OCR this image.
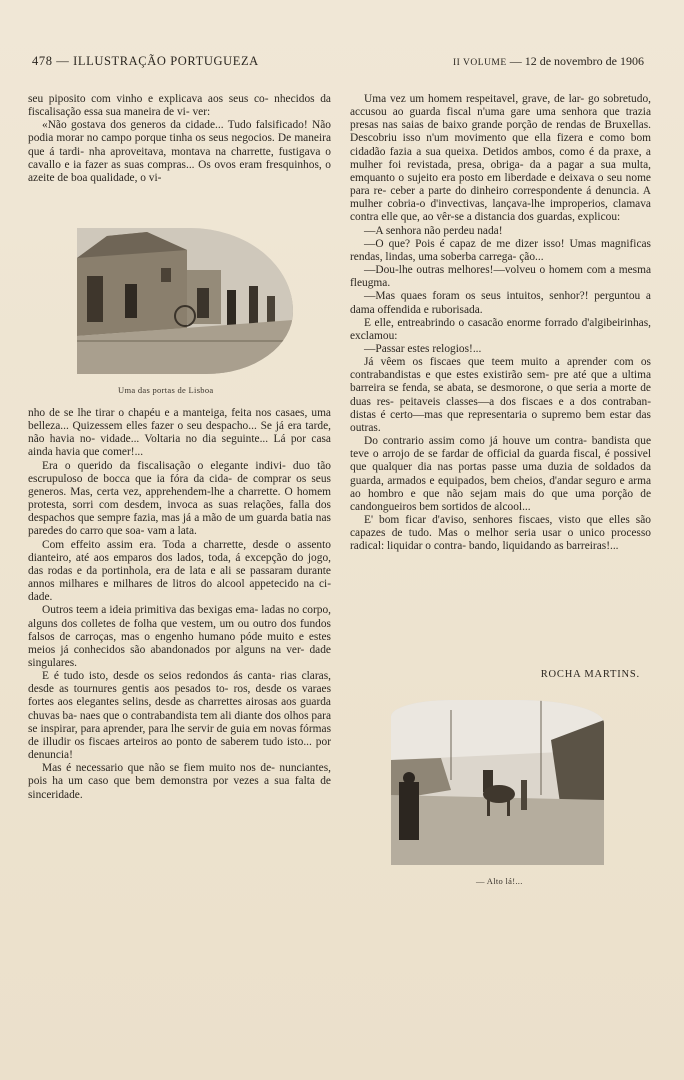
478 — ILLUSTRAÇÃO PORTUGUEZA	II VOLUME — 12 de novembro de 1906

seu piposito com vinho e explicava aos seus co- nhecidos da fiscalisação essa sua maneira de vi- ver:

«Não gostava dos generos da cidade... Tudo falsificado! Não podia morar no campo porque tinha os seus negocios. De maneira que á tardi- nha aproveitava, montava na charrette, fustigava o cavallo e ia fazer as suas compras... Os ovos eram fresquinhos, o azeite de boa qualidade, o vi-

Uma das portas de Lisboa

nho de se lhe tirar o chapéu e a manteiga, feita nos casaes, uma belleza... Quizessem elles fazer o seu despacho... Se já era tarde, não havia no- vidade... Voltaria no dia seguinte... Lá por casa ainda havia que comer!...

Era o querido da fiscalisação o elegante indivi- duo tão escrupuloso de bocca que ia fóra da cida- de comprar os seus generos. Mas, certa vez, apprehendem-lhe a charrette. O homem protesta, sorri com desdem, invoca as suas relações, falla dos despachos que sempre fazia, mas já a mão de um guarda batia nas paredes do carro que soa- vam a lata.

Com effeito assim era. Toda a charrette, desde o assento dianteiro, até aos emparos dos lados, toda, á excepção do jogo, das rodas e da portinhola, era de lata e ali se passaram durante annos milhares e milhares de litros do alcool appetecido na ci- dade.

Outros teem a ideia primitiva das bexigas ema- ladas no corpo, alguns dos colletes de folha que vestem, um ou outro dos fundos falsos de carroças, mas o engenho humano póde muito e estes meios já conhecidos são abandonados por alguns na ver- dade singulares.

E é tudo isto, desde os seios redondos ás canta- rias claras, desde as tournures gentis aos pesados to- ros, desde os varaes fortes aos elegantes selins, desde as charrettes airosas aos guarda chuvas ba- naes que o contrabandista tem ali diante dos olhos para se inspirar, para aprender, para lhe servir de guia em novas fórmas de illudir os fiscaes arteiros ao ponto de saberem tudo isto... por denuncia!

Mas é necessario que não se fiem muito nos de- nunciantes, pois ha um caso que bem demonstra por vezes a sua falta de sinceridade.

Uma vez um homem respeitavel, grave, de lar- go sobretudo, accusou ao guarda fiscal n'uma gare uma senhora que trazia presas nas saias de baixo grande porção de rendas de Bruxellas. Descobriu isso n'um movimento que ella fizera e como bom cidadão fazia a sua queixa. Detidos ambos, como é da praxe, a mulher foi revistada, presa, obriga- da a pagar a sua multa, emquanto o sujeito era posto em liberdade e deixava o seu nome para re- ceber a parte do dinheiro correspondente á denuncia. A mulher cobria-o d'invectivas, lançava-lhe improperios, clamava contra elle que, ao vêr-se a distancia dos guardas, explicou:

—A senhora não perdeu nada!

—O que? Pois é capaz de me dizer isso! Umas magnificas rendas, lindas, uma soberba carrega- ção...

—Dou-lhe outras melhores!—volveu o homem com a mesma fleugma.

—Mas quaes foram os seus intuitos, senhor?! perguntou a dama offendida e ruborisada.

E elle, entreabrindo o casacão enorme forrado d'algibeirinhas, exclamou:

—Passar estes relogios!...

Já vêem os fiscaes que teem muito a aprender com os contrabandistas e que estes existirão sem- pre até que a ultima barreira se fenda, se abata, se desmorone, o que seria a morte de duas res- peitaveis classes—a dos fiscaes e a dos contraban- distas é certo—mas que representaria o supremo bem estar das outras.

Do contrario assim como já houve um contra- bandista que teve o arrojo de se fardar de official da guarda fiscal, é possivel que qualquer dia nas portas passe uma duzia de soldados da guarda, armados e equipados, bem cheios, d'andar seguro e arma ao hombro e que não sejam mais do que uma porção de candongueiros bem sortidos de alcool...

E' bom ficar d'aviso, senhores fiscaes, visto que elles são capazes de tudo. Mas o melhor seria usar o unico processo radical: liquidar o contra- bando, liquidando as barreiras!...

ROCHA MARTINS.
— Alto lá!...
